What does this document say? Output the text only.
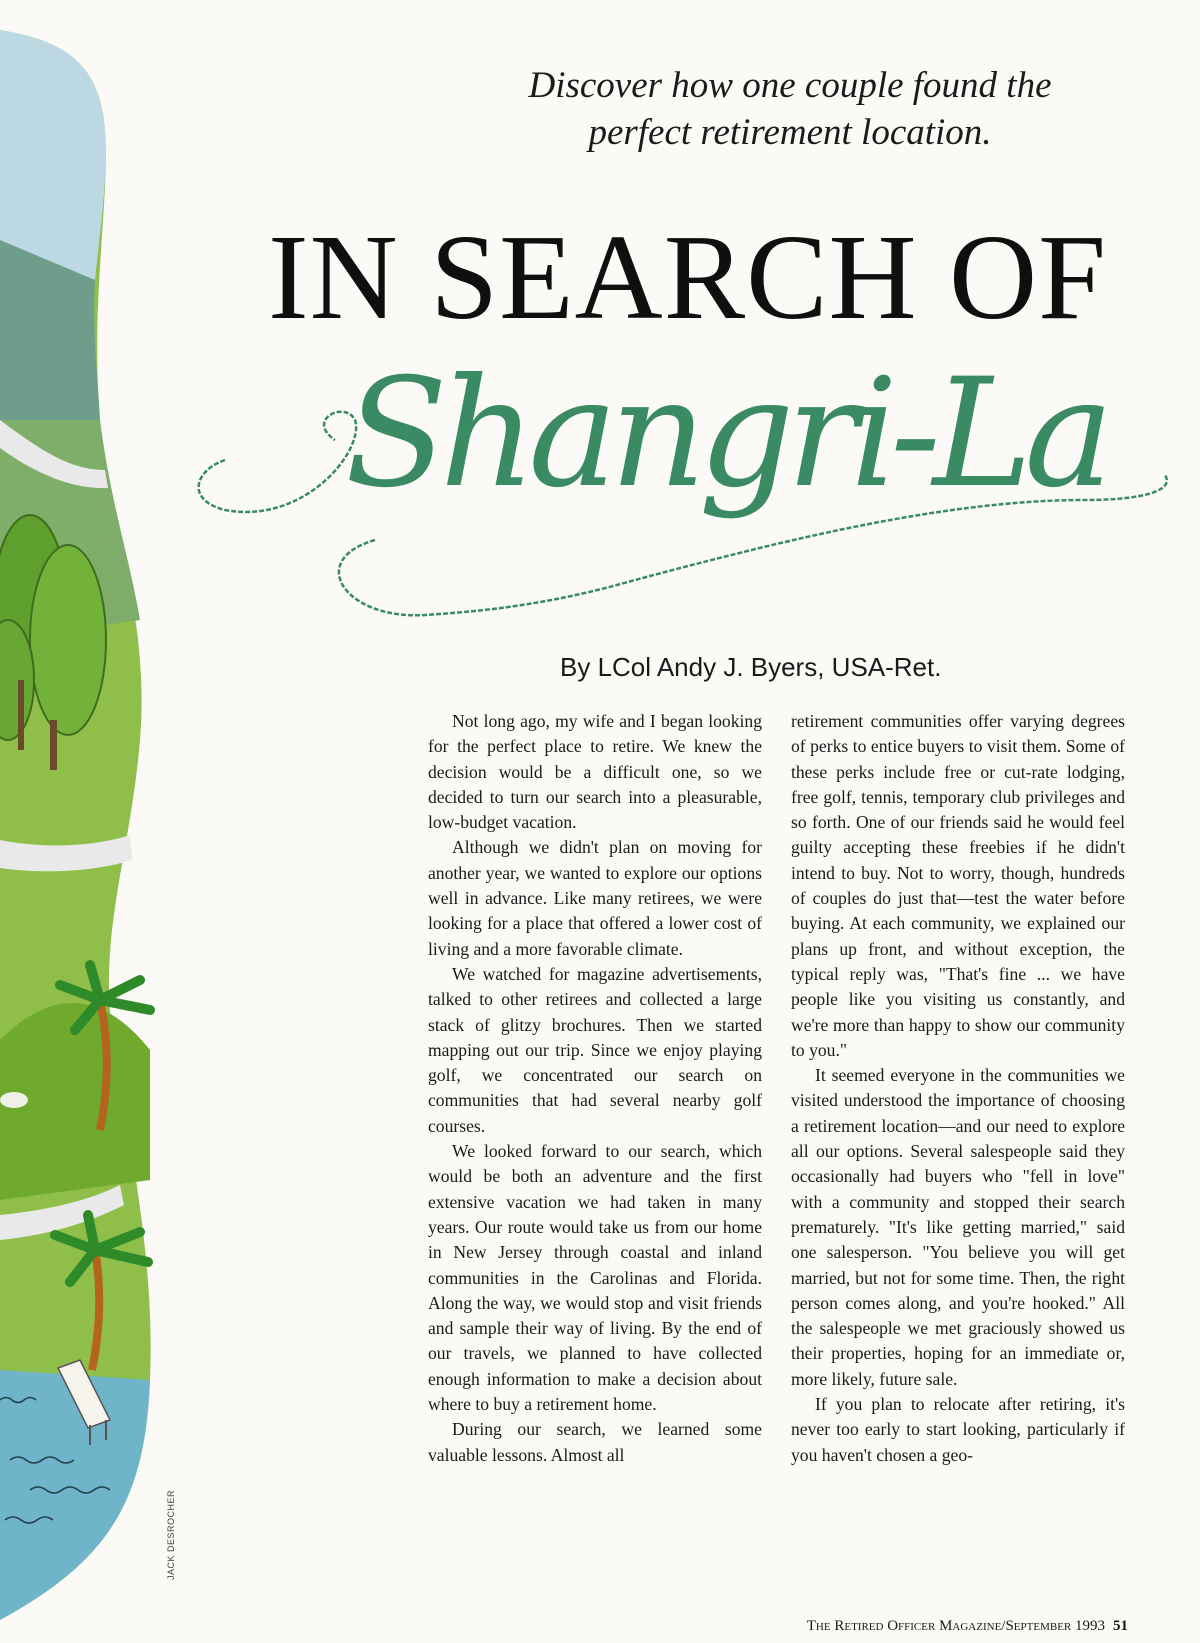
JACK DESROCHER
Discover how one couple found the
perfect retirement location.
IN SEARCH OF
Shangri-La
By LCol Andy J. Byers, USA-Ret.

Not long ago, my wife and I began looking for the perfect place to retire. We knew the decision would be a difficult one, so we decided to turn our search into a pleasurable, low-budget vacation.

Although we didn't plan on moving for another year, we wanted to explore our options well in advance. Like many retirees, we were looking for a place that offered a lower cost of living and a more favorable climate.

We watched for magazine advertisements, talked to other retirees and collected a large stack of glitzy brochures. Then we started mapping out our trip. Since we enjoy playing golf, we concentrated our search on communities that had several nearby golf courses.

We looked forward to our search, which would be both an adventure and the first extensive vacation we had taken in many years. Our route would take us from our home in New Jersey through coastal and inland communities in the Carolinas and Florida. Along the way, we would stop and visit friends and sample their way of living. By the end of our travels, we planned to have collected enough information to make a decision about where to buy a retirement home.

During our search, we learned some valuable lessons. Almost all

retirement communities offer varying degrees of perks to entice buyers to visit them. Some of these perks include free or cut-rate lodging, free golf, tennis, temporary club privileges and so forth. One of our friends said he would feel guilty accepting these freebies if he didn't intend to buy. Not to worry, though, hundreds of couples do just that—test the water before buying. At each community, we explained our plans up front, and without exception, the typical reply was, "That's fine ... we have people like you visiting us constantly, and we're more than happy to show our community to you."

It seemed everyone in the communities we visited understood the importance of choosing a retirement location—and our need to explore all our options. Several salespeople said they occasionally had buyers who "fell in love" with a community and stopped their search prematurely. "It's like getting married," said one salesperson. "You believe you will get married, but not for some time. Then, the right person comes along, and you're hooked." All the salespeople we met graciously showed us their properties, hoping for an immediate or, more likely, future sale.

If you plan to relocate after retiring, it's never too early to start looking, particularly if you haven't chosen a geo-

The Retired Officer Magazine/September 1993 51
